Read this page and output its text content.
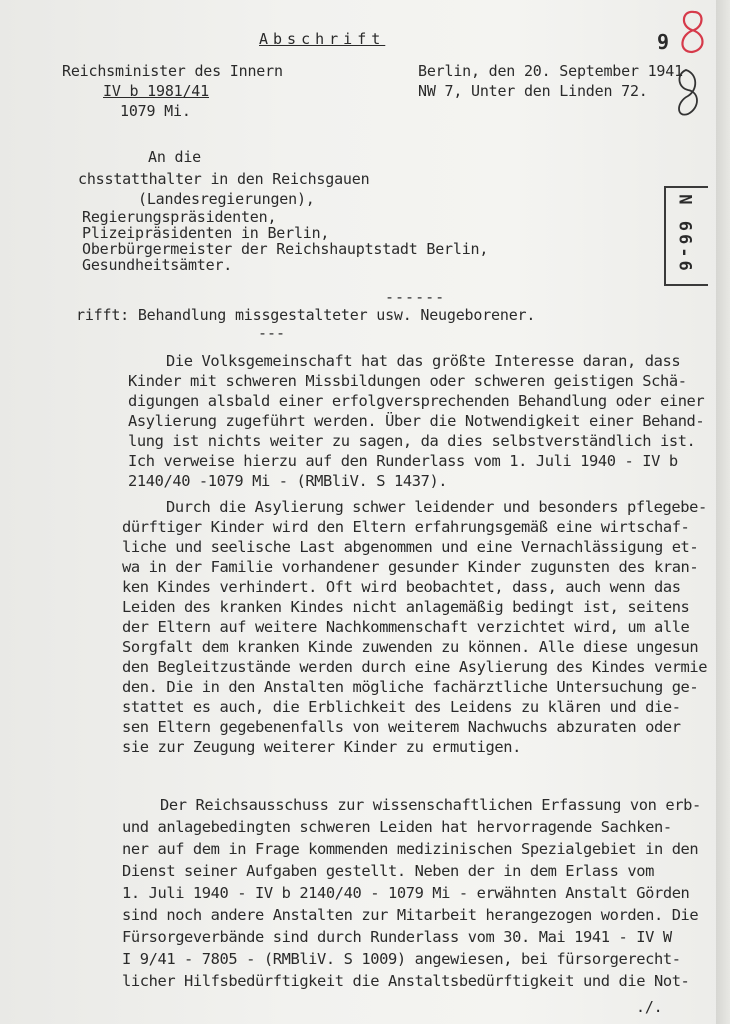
Abschrift	9
8
Reichsminister des Innern
IV b 1981/41
1079 Mi.
Berlin, den 20. September 1941
NW 7, Unter den Linden 72.
An die
chsstatthalter in den Reichsgauen
(Landesregierungen),
Regierungspräsidenten,
Plizeipräsidenten in Berlin,
Oberbürgermeister der Reichshauptstadt Berlin,
Gesundheitsämter.	N 66-6
------
rifft: Behandlung missgestalteter usw. Neugeborener.
---
Die Volksgemeinschaft hat das größte Interesse daran, dass
Kinder mit schweren Missbildungen oder schweren geistigen Schä-
digungen alsbald einer erfolgversprechenden Behandlung oder einer
Asylierung zugeführt werden. Über die Notwendigkeit einer Behand-
lung ist nichts weiter zu sagen, da dies selbstverständlich ist.
Ich verweise hierzu auf den Runderlass vom 1. Juli 1940 - IV b
2140/40 -1079 Mi - (RMBliV. S 1437).
Durch die Asylierung schwer leidender und besonders pflegebe-
dürftiger Kinder wird den Eltern erfahrungsgemäß eine wirtschaf-
liche und seelische Last abgenommen und eine Vernachlässigung et-
wa in der Familie vorhandener gesunder Kinder zugunsten des kran-
ken Kindes verhindert. Oft wird beobachtet, dass, auch wenn das
Leiden des kranken Kindes nicht anlagemäßig bedingt ist, seitens
der Eltern auf weitere Nachkommenschaft verzichtet wird, um alle
Sorgfalt dem kranken Kinde zuwenden zu können. Alle diese ungesun
den Begleitzustände werden durch eine Asylierung des Kindes vermie
den. Die in den Anstalten mögliche fachärztliche Untersuchung ge-
stattet es auch, die Erblichkeit des Leidens zu klären und die-
sen Eltern gegebenenfalls von weiterem Nachwuchs abzuraten oder
sie zur Zeugung weiterer Kinder zu ermutigen.
Der Reichsausschuss zur wissenschaftlichen Erfassung von erb-
und anlagebedingten schweren Leiden hat hervorragende Sachken-
ner auf dem in Frage kommenden medizinischen Spezialgebiet in den
Dienst seiner Aufgaben gestellt. Neben der in dem Erlass vom
1. Juli 1940 - IV b 2140/40 - 1079 Mi - erwähnten Anstalt Görden
sind noch andere Anstalten zur Mitarbeit herangezogen worden. Die
Fürsorgeverbände sind durch Runderlass vom 30. Mai 1941 - IV W
I 9/41 - 7805 - (RMBliV. S 1009) angewiesen, bei fürsorgerecht-
licher Hilfsbedürftigkeit die Anstaltsbedürftigkeit und die Not-
./.
